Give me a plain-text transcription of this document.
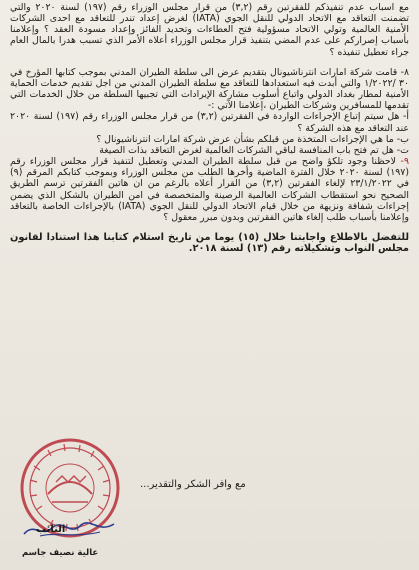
مع اسباب عدم تنفيذكم للفقرتين رقم (٣,٢) من قرار مجلس الوزراء رقم (١٩٧) لسنة ٢٠٢٠ والتي تضمنت التعاقد مع الاتحاد الدولي للنقل الجوي (IATA) لغرض إعداد تندر للتعاقد مع احدى الشركات الأمنية العالمية وتولي الاتحاد مسؤولية فتح العطاءات وتحديد الفائز وإعداد مسودة العقد ؟ وإعلامنا بأسباب إصراركم على عدم المضي بتنفيذ قرار مجلس الوزراء أعلاه الأمر الذي تسبب هدرا بالمال العام جراء تعطيل تنفيذه ؟

٨- قامت شركة امارات انترناشيونال بتقديم عرض الى سلطة الطيران المدني بموجب كتابها المؤرخ في ٣٠ /١/٢٠٢٢ والتي أبدت فيه استعدادها للتعاقد مع سلطة الطيران المدني من اجل تقديم خدمات الحماية الأمنية لمطار بغداد الدولي واتباع أسلوب مشاركة الإيرادات التي تجبيها السلطة من خلال الخدمات التي تقدمها للمسافرين وشركات الطيران ،إعلامنا الآتي :-

أ- هل سيتم إتباع الإجراءات الواردة في الفقرتين (٣,٢) من قرار مجلس الوزراء رقم (١٩٧) لسنة ٢٠٢٠ عند التعاقد مع هذه الشركة ؟

ب- ما هي الإجراءات المتخذة من قبلكم بشأن عرض شركة امارات انترناشيونال ؟

ت- هل تم فتح باب المنافسة لباقي الشركات العالمية لغرض التعاقد بذات الصيغة

٩- لاحظنا وجود تلكؤ واضح من قبل سلطة الطيران المدني وتعطيل لتنفيذ قرار مجلس الوزراء رقم (١٩٧) لسنة ٢٠٢٠ خلال الفترة الماضية وأخرها الطلب من مجلس الوزراء وبموجب كتابكم المرقم (٩) في ٢٣/١/٢٠٢٢ لإلغاء الفقرتين (٣,٢) من القرار أعلاه بالرغم من ان هاتين الفقرتين ترسم الطريق الصحيح نحو استقطاب الشركات العالمية الرصينة والمتخصصة في امن الطيران بالشكل الذي يضمن إجراءات شفافة ونزيهة من خلال قيام الاتحاد الدولي للنقل الجوي (IATA) بالإجراءات الخاصة بالتعاقد وإعلامنا بأسباب طلب إلغاء هاتين الفقرتين وبدون مبرر معقول ؟

للتفضل بالاطلاع واجابتنا خلال (١٥) يوما من تاريخ استلام كتابنا هذا استنادا لقانون مجلس النواب وتشكيلاته رقم (١٣) لسنة ٢٠١٨.

مع وافر الشكر والتقدير...
النائب
عالية نصيف جاسم
